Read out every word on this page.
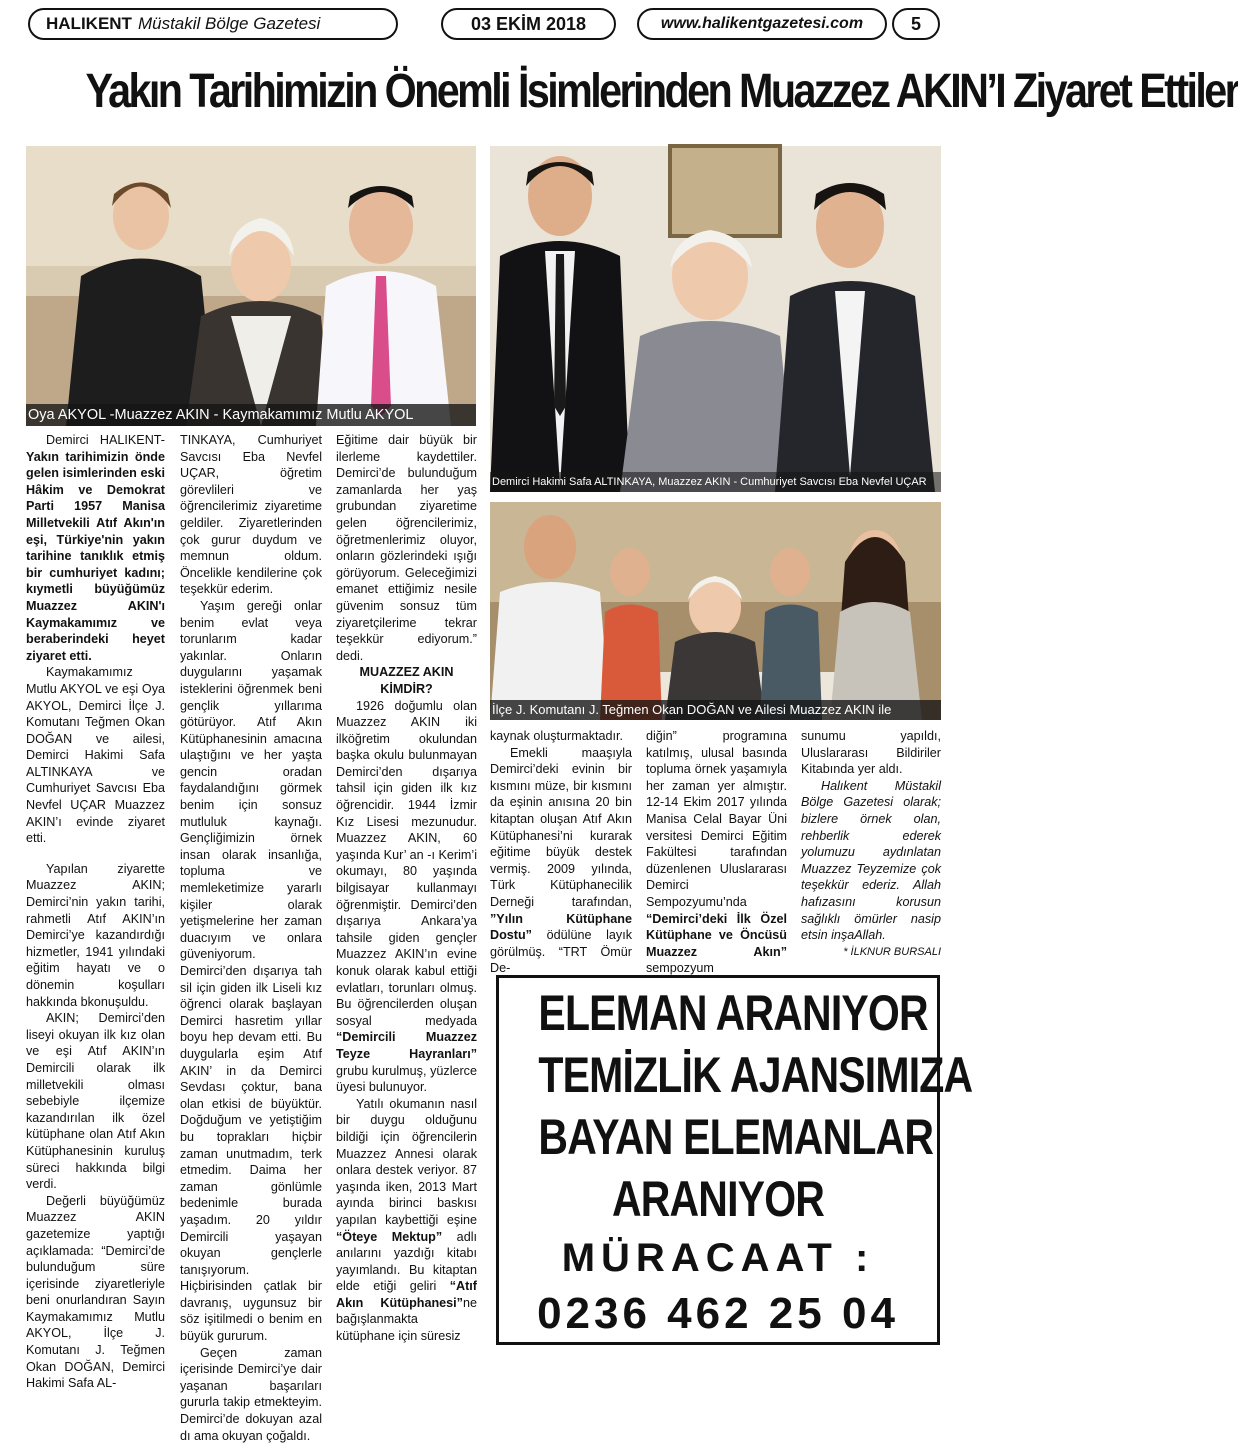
HALIKENT Müstakil Bölge Gazetesi	03 EKİM 2018	www.halikentgazetesi.com	5
Yakın Tarihimizin Önemli İsimlerinden Muazzez AKIN’I Ziyaret Ettiler
Oya AKYOL -Muazzez AKIN - Kaymakamımız Mutlu AKYOL
Demirci Hakimi Safa ALTINKAYA, Muazzez AKIN - Cumhuriyet Savcısı Eba Nevfel UÇAR
İlçe J. Komutanı J. Teğmen Okan DOĞAN ve Ailesi Muazzez AKIN ile

Demirci HALIKENT- Yakın tarihimizin önde gelen isimlerinden eski Hâkim ve Demokrat Parti 1957 Manisa Milletvekili Atıf Akın'ın eşi, Türkiye'nin yakın tarihine tanıklık etmiş bir cumhuriyet kadını; kıymetli büyüğümüz Muazzez AKIN'ı Kaymakamımız ve beraberindeki heyet ziyaret etti.

Kaymakamımız Mutlu AKYOL ve eşi Oya AKYOL, Demirci İlçe J. Komutanı Teğmen Okan DOĞAN ve ailesi, Demirci Hakimi Safa ALTINKAYA ve Cumhuriyet Savcısı Eba Nevfel UÇAR Muazzez AKIN’ı evinde ziyaret etti.

Yapılan ziyarette Muazzez AKIN; Demirci’nin yakın tarihi, rahmetli Atıf AKIN’ın Demirci’ye kazandırdığı hizmetler, 1941 yılındaki eğitim hayatı ve o dönemin koşulları hakkında bkonuşuldu.

AKIN; Demirci’den liseyi okuyan ilk kız olan ve eşi Atıf AKIN’ın Demircili olarak ilk milletvekili olması sebebiyle ilçemize kazandırılan ilk özel kütüphane olan Atıf Akın Kütüphanesinin kuruluş süreci hakkında bilgi verdi.

Değerli büyüğümüz Muazzez AKIN gazetemize yaptığı açıklamada: “Demirci’de bulunduğum süre içerisinde ziyaretleriyle beni onurlandıran Sayın Kaymakamımız Mutlu AKYOL, İlçe J. Komutanı J. Teğmen Okan DOĞAN, Demirci Hakimi Safa AL-

TINKAYA, Cumhuriyet Savcısı Eba Nevfel UÇAR, öğretim görevlileri ve öğrencilerimiz ziyaretime geldiler. Ziyaretlerinden çok gurur duydum ve memnun oldum. Öncelikle kendilerine çok teşekkür ederim.

Yaşım gereği onlar benim evlat veya torunlarım kadar yakınlar. Onların duygularını yaşamak isteklerini öğrenmek beni gençlik yıllarıma götürüyor. Atıf Akın Kütüphanesinin amacına ulaştığını ve her yaşta gencin oradan faydalandığını görmek benim için sonsuz mutluluk kaynağı. Gençliğimizin örnek insan olarak insanlığa, topluma ve memleketimize yararlı kişiler olarak yetişmelerine her zaman duacıyım ve onlara güveniyorum. Demirci’den dışarıya tah sil için giden ilk Liseli kız öğrenci olarak başlayan Demirci hasretim yıllar boyu hep devam etti. Bu duygularla eşim Atıf AKIN’ in da Demirci Sevdası çoktur, bana olan etkisi de büyüktür. Doğduğum ve yetiştiğim bu toprakları hiçbir zaman unutmadım, terk etmedim. Daima her zaman gönlümle bedenimle burada yaşadım. 20 yıldır Demircili yaşayan okuyan gençlerle tanışıyorum. Hiçbirisinden çatlak bir davranış, uygunsuz bir söz işitilmedi o benim en büyük gururum.

Geçen zaman içerisinde Demirci’ye dair yaşanan başarıları gururla takip etmekteyim. Demirci’de dokuyan azal dı ama okuyan çoğaldı.

Eğitime dair büyük bir ilerleme kaydettiler. Demirci’de bulunduğum zamanlarda her yaş grubundan ziyaretime gelen öğrencilerimiz, öğretmenlerimiz oluyor, onların gözlerindeki ışığı görüyorum. Geleceğimizi emanet ettiğimiz nesile güvenim sonsuz tüm ziyaretçilerime tekrar teşekkür ediyorum.” dedi.

MUAZZEZ AKIN KİMDİR?

1926 doğumlu olan Muazzez AKIN iki ilköğretim okulundan başka okulu bulunmayan Demirci’den dışarıya tahsil için giden ilk kız öğrencidir. 1944 İzmir Kız Lisesi mezunudur. Muazzez AKIN, 60 yaşında Kur’ an -ı Kerim’i okumayı, 80 yaşında bilgisayar kullanmayı öğrenmiştir. Demirci’den dışarıya Ankara’ya tahsile giden gençler Muazzez AKIN’ın evine konuk olarak kabul ettiği evlatları, torunları olmuş. Bu öğrencilerden oluşan sosyal medyada “Demircili Muazzez Teyze Hayranları” grubu kurulmuş, yüzlerce üyesi bulunuyor.

Yatılı okumanın nasıl bir duygu olduğunu bildiği için öğrencilerin Muazzez Annesi olarak onlara destek veriyor. 87 yaşında iken, 2013 Mart ayında birinci baskısı yapılan kaybettiği eşine “Öteye Mektup” adlı anılarını yazdığı kitabı yayımlandı. Bu kitaptan elde etiği geliri “Atıf Akın Kütüphanesi”ne bağışlanmakta kütüphane için süresiz

kaynak oluşturmaktadır.

Emekli maaşıyla Demirci’deki evinin bir kısmını müze, bir kısmını da eşinin anısına 20 bin kitaptan oluşan Atıf Akın Kütüphanesi’ni kurarak eğitime büyük destek vermiş. 2009 yılında, Türk Kütüphanecilik Derneği tarafından, ”Yılın Kütüphane Dostu” ödülüne layık görülmüş. “TRT Ömür De-

diğin” programına katılmış, ulusal basında topluma örnek yaşamıyla her zaman yer almıştır. 12-14 Ekim 2017 yılında Manisa Celal Bayar Üni versitesi Demirci Eğitim Fakültesi tarafından düzenlenen Uluslararası Demirci Sempozyumu’nda “Demirci’deki İlk Özel Kütüphane ve Öncüsü Muazzez Akın” sempozyum

sunumu yapıldı, Uluslararası Bildiriler Kitabında yer aldı.

Halıkent Müstakil Bölge Gazetesi olarak; bizlere örnek olan, rehberlik ederek yolumuzu aydınlatan Muazzez Teyzemize çok teşekkür ederiz. Allah hafızasını korusun sağlıklı ömürler nasip etsin inşaAllah.

* İLKNUR BURSALI

ELEMAN ARANIYOR
TEMİZLİK AJANSIMIZA
BAYAN ELEMANLAR
ARANIYOR
MÜRACAAT :
0236 462 25 04
